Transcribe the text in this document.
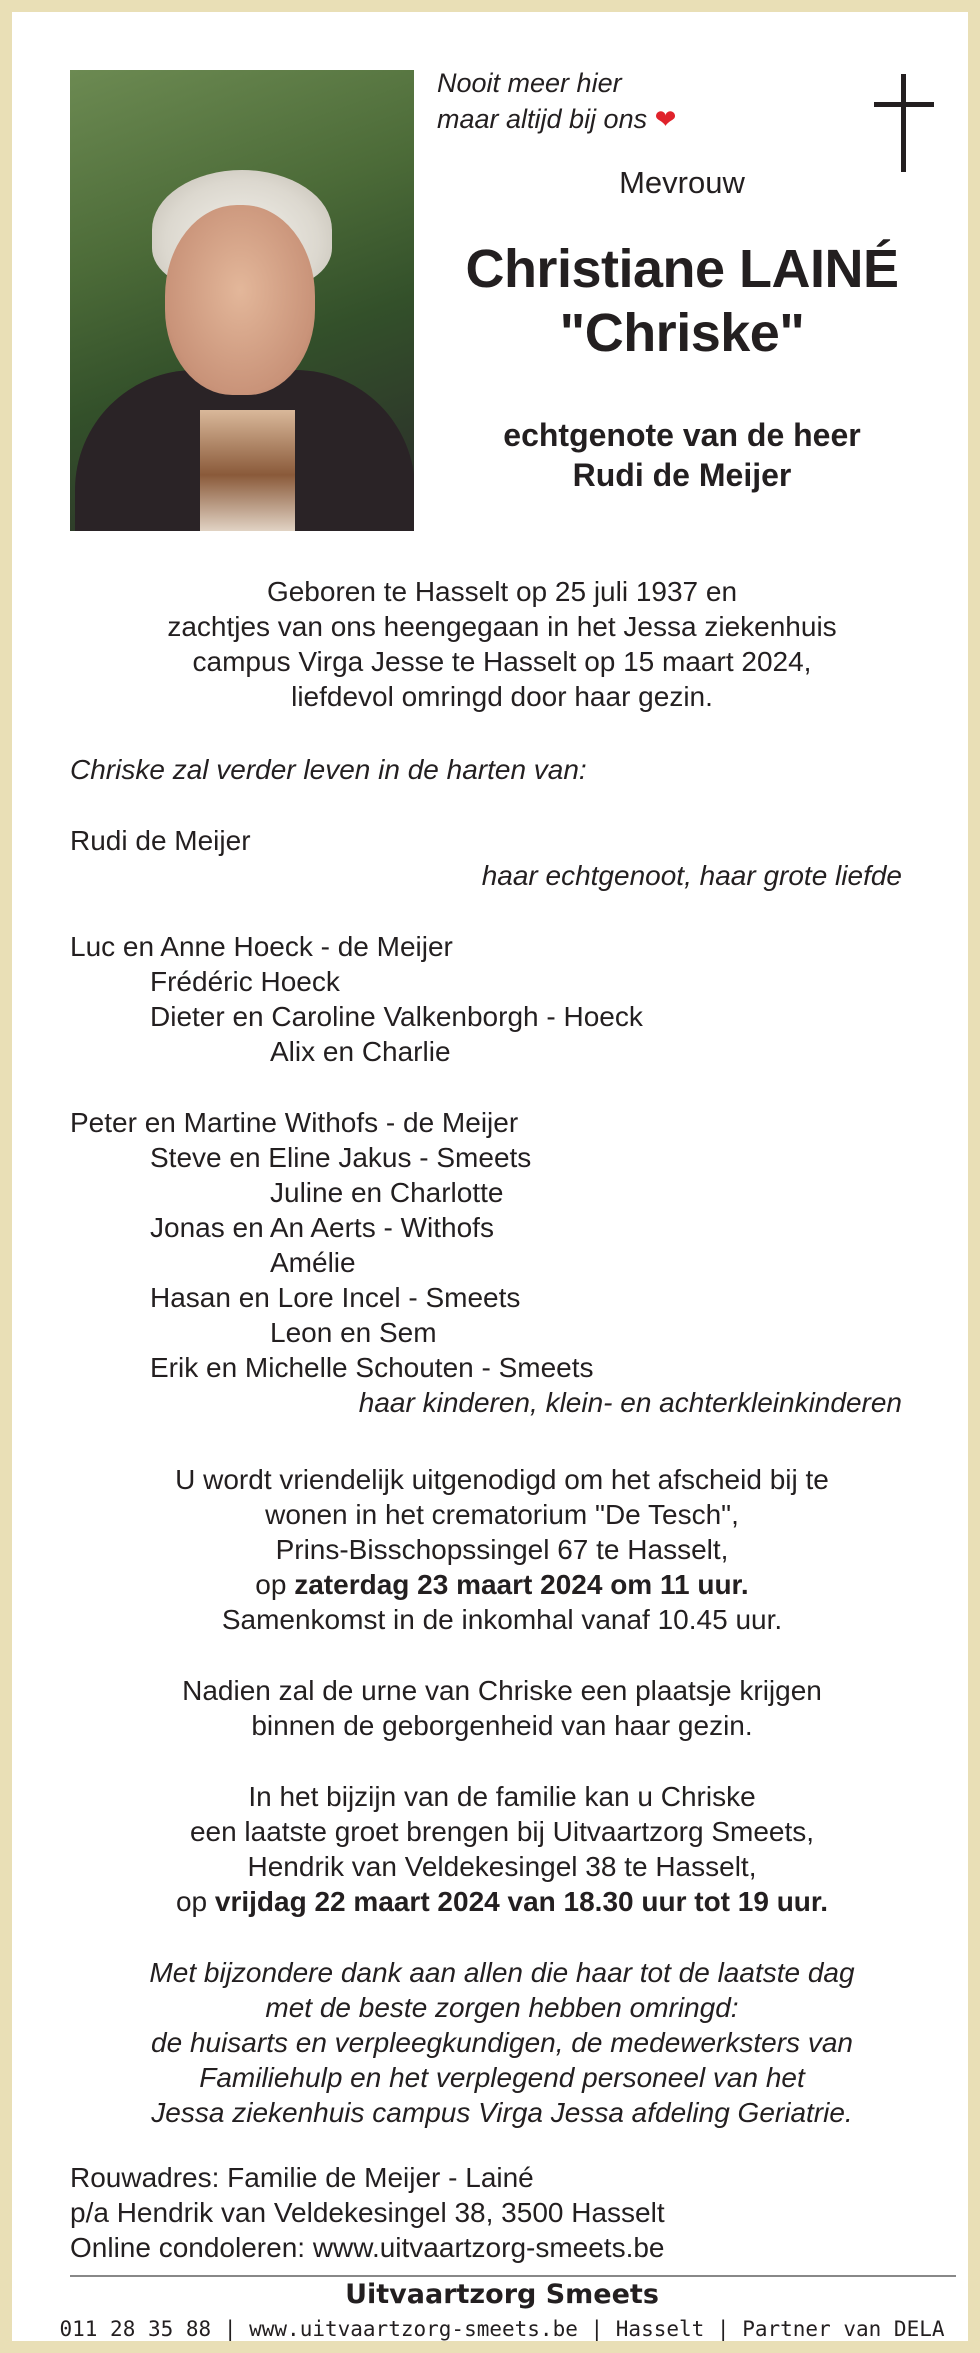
Nooit meer hier
maar altijd bij ons ❤
Mevrouw
Christiane LAINÉ
"Chriske"
echtgenote van de heer
Rudi de Meijer
Geboren te Hasselt op 25 juli 1937 en
zachtjes van ons heengegaan in het Jessa ziekenhuis
campus Virga Jesse te Hasselt op 15 maart 2024,
liefdevol omringd door haar gezin.
Chriske zal verder leven in de harten van:
Rudi de Meijer
haar echtgenoot, haar grote liefde
Luc en Anne Hoeck - de Meijer
Frédéric Hoeck
Dieter en Caroline Valkenborgh - Hoeck
Alix en Charlie
Peter en Martine Withofs - de Meijer
Steve en Eline Jakus - Smeets
Juline en Charlotte
Jonas en An Aerts - Withofs
Amélie
Hasan en Lore Incel - Smeets
Leon en Sem
Erik en Michelle Schouten - Smeets
haar kinderen, klein- en achterkleinkinderen
U wordt vriendelijk uitgenodigd om het afscheid bij te
wonen in het crematorium "De Tesch",
Prins-Bisschopssingel 67 te Hasselt,
op zaterdag 23 maart 2024 om 11 uur.
Samenkomst in de inkomhal vanaf 10.45 uur.
Nadien zal de urne van Chriske een plaatsje krijgen
binnen de geborgenheid van haar gezin.
In het bijzijn van de familie kan u Chriske
een laatste groet brengen bij Uitvaartzorg Smeets,
Hendrik van Veldekesingel 38 te Hasselt,
op vrijdag 22 maart 2024 van 18.30 uur tot 19 uur.
Met bijzondere dank aan allen die haar tot de laatste dag
met de beste zorgen hebben omringd:
de huisarts en verpleegkundigen, de medewerksters van
Familiehulp en het verplegend personeel van het
Jessa ziekenhuis campus Virga Jessa afdeling Geriatrie.
Rouwadres: Familie de Meijer - Lainé
p/a Hendrik van Veldekesingel 38, 3500 Hasselt
Online condoleren: www.uitvaartzorg-smeets.be
Uitvaartzorg Smeets
011 28 35 88 | www.uitvaartzorg-smeets.be | Hasselt | Partner van DELA
